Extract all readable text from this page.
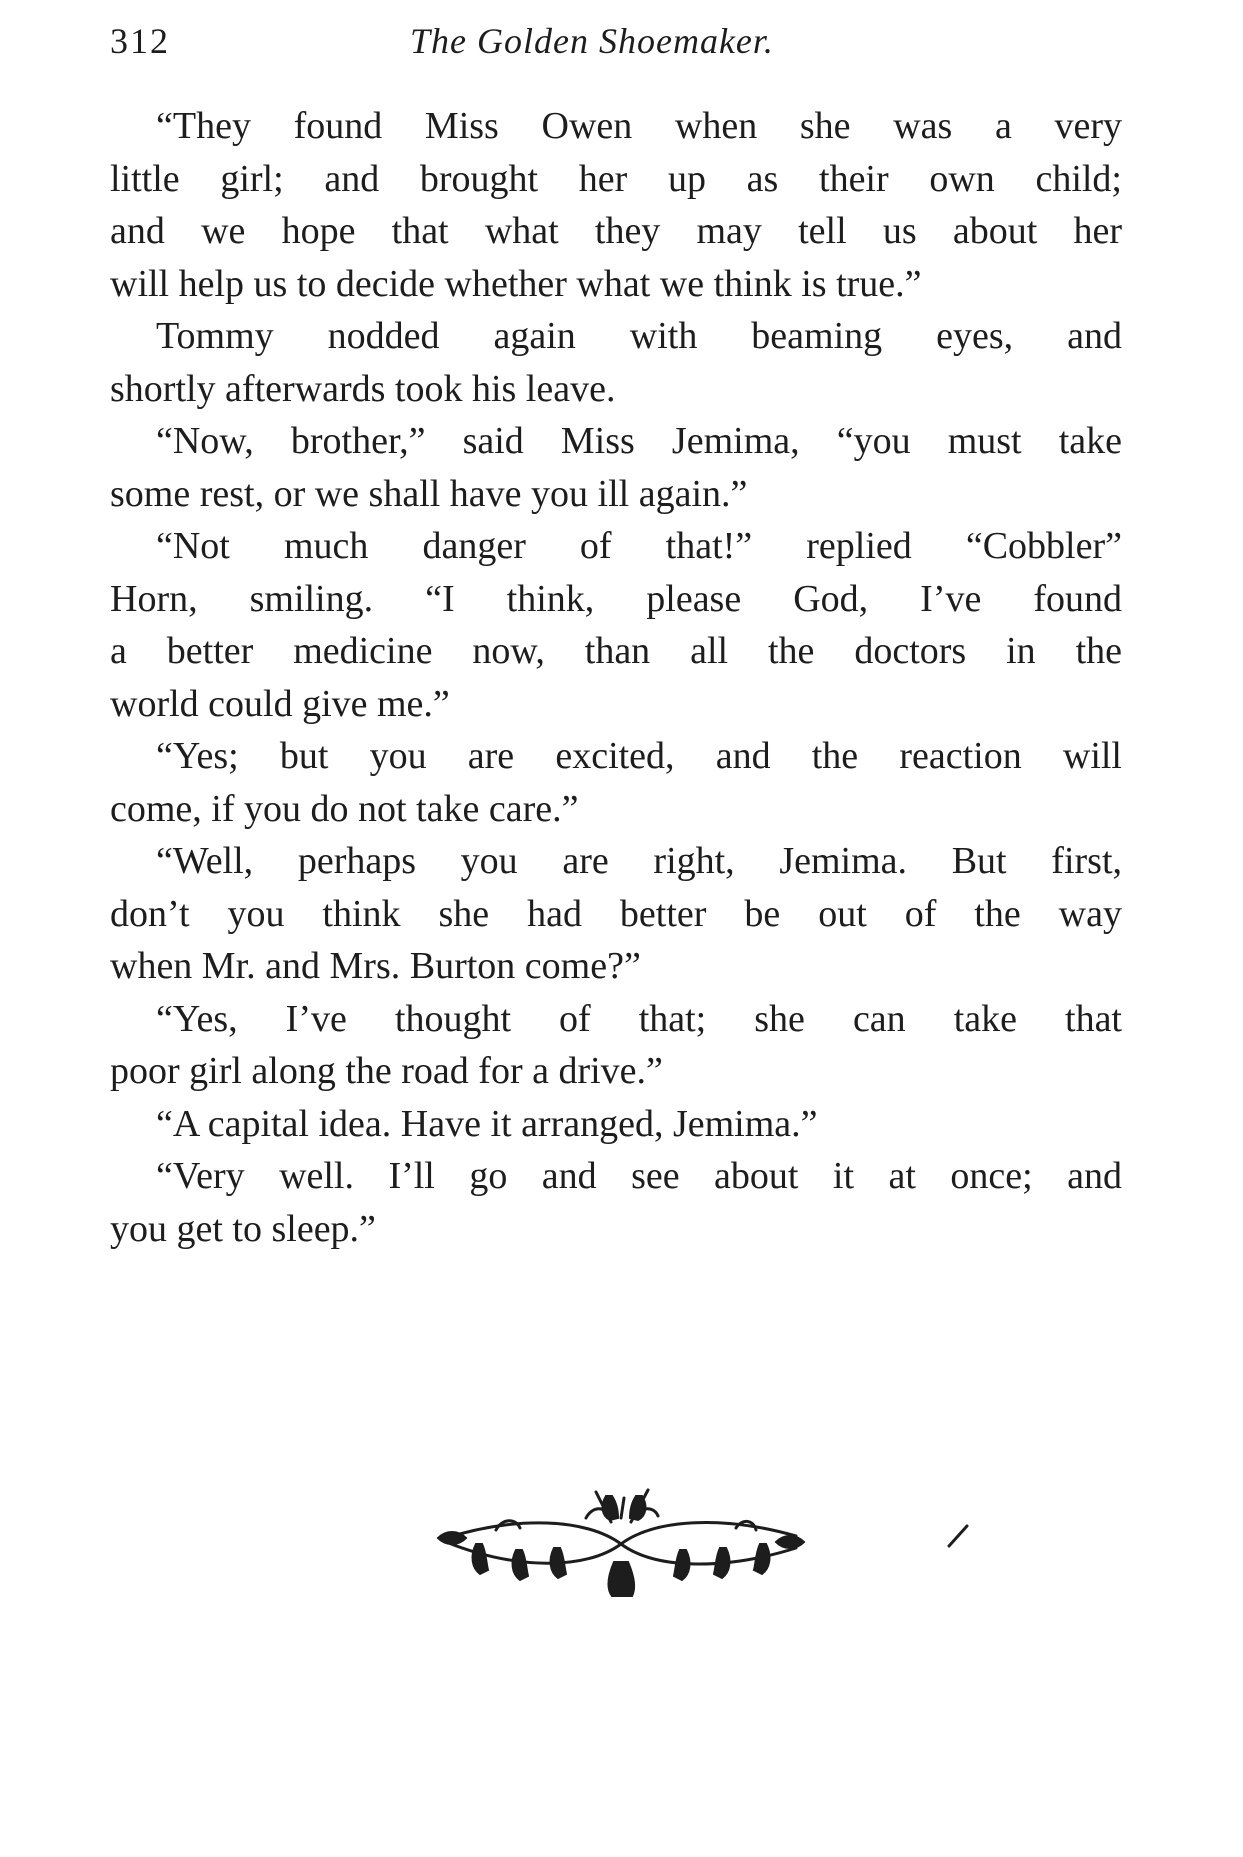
312	The Golden Shoemaker.
“They found Miss Owen when she was a very
little girl; and brought her up as their own child;
and we hope that what they may tell us about her
will help us to decide whether what we think is true.”
Tommy nodded again with beaming eyes, and
shortly afterwards took his leave.
“Now, brother,” said Miss Jemima, “you must take
some rest, or we shall have you ill again.”
“Not much danger of that!” replied “Cobbler”
Horn, smiling. “I think, please God, I’ve found
a better medicine now, than all the doctors in the
world could give me.”
“Yes; but you are excited, and the reaction will
come, if you do not take care.”
“Well, perhaps you are right, Jemima. But first,
don’t you think she had better be out of the way
when Mr. and Mrs. Burton come?”
“Yes, I’ve thought of that; she can take that
poor girl along the road for a drive.”
“A capital idea. Have it arranged, Jemima.”
“Very well. I’ll go and see about it at once; and
you get to sleep.”
